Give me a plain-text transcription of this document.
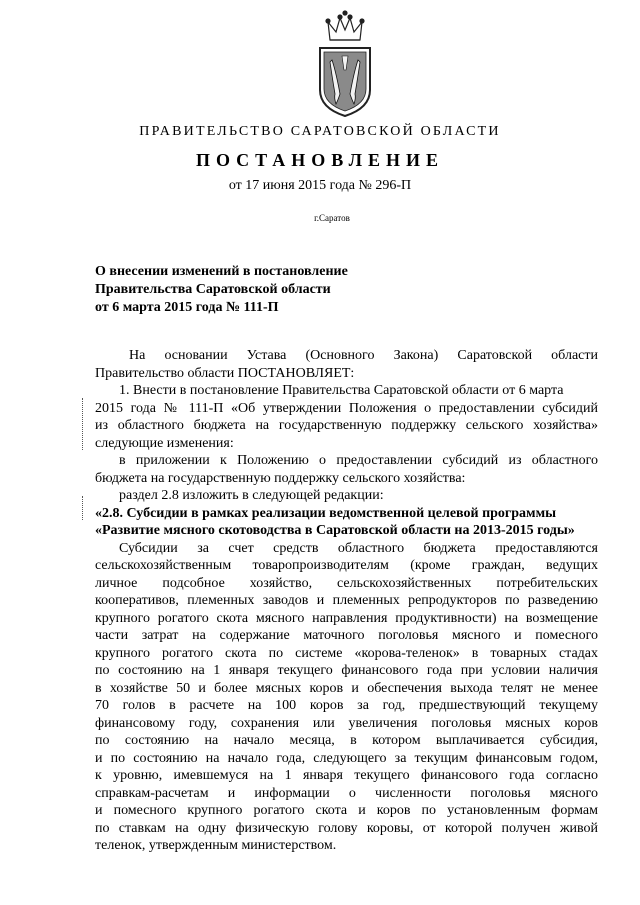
ПРАВИТЕЛЬСТВО САРАТОВСКОЙ ОБЛАСТИ
ПОСТАНОВЛЕНИЕ
от 17 июня 2015 года № 296-П
г.Саратов
О внесении изменений в постановление
Правительства Саратовской области
от 6 марта 2015 года № 111-П
На основании Устава (Основного Закона) Саратовской области
Правительство области ПОСТАНОВЛЯЕТ:
1. Внести в постановление Правительства Саратовской области от 6 марта
2015 года № 111-П «Об утверждении Положения о предоставлении субсидий
из областного бюджета на государственную поддержку сельского хозяйства»
следующие изменения:
в приложении к Положению о предоставлении субсидий из областного
бюджета на государственную поддержку сельского хозяйства:
раздел 2.8 изложить в следующей редакции:
«2.8. Субсидии в рамках реализации ведомственной целевой программы
«Развитие мясного скотоводства в Саратовской области на 2013-2015 годы»
Субсидии за счет средств областного бюджета предоставляются
сельскохозяйственным товаропроизводителям (кроме граждан, ведущих
личное подсобное хозяйство, сельскохозяйственных потребительских
кооперативов, племенных заводов и племенных репродукторов по разведению
крупного рогатого скота мясного направления продуктивности) на возмещение
части затрат на содержание маточного поголовья мясного и помесного
крупного рогатого скота по системе «корова-теленок» в товарных стадах
по состоянию на 1 января текущего финансового года при условии наличия
в хозяйстве 50 и более мясных коров и обеспечения выхода телят не менее
70 голов в расчете на 100 коров за год, предшествующий текущему
финансовому году, сохранения или увеличения поголовья мясных коров
по состоянию на начало месяца, в котором выплачивается субсидия,
и по состоянию на начало года, следующего за текущим финансовым годом,
к уровню, имевшемуся на 1 января текущего финансового года согласно
справкам-расчетам и информации о численности поголовья мясного
и помесного крупного рогатого скота и коров по установленным формам
по ставкам на одну физическую голову коровы, от которой получен живой
теленок, утвержденным министерством.
